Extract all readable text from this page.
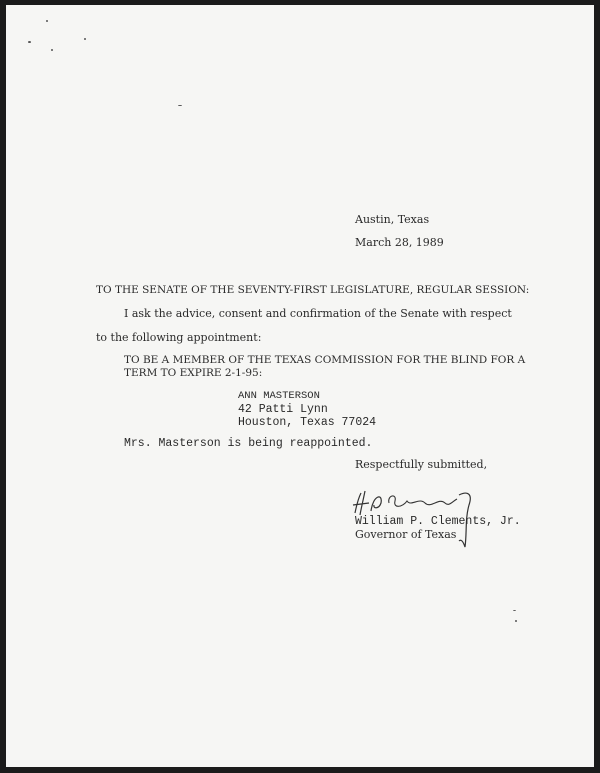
Austin, Texas
March 28, 1989
TO THE SENATE OF THE SEVENTY-FIRST LEGISLATURE, REGULAR SESSION:
I ask the advice, consent and confirmation of the Senate with respect
to the following appointment:
TO BE A MEMBER OF THE TEXAS COMMISSION FOR THE BLIND FOR A
TERM TO EXPIRE 2-1-95:
ANN MASTERSON
42 Patti Lynn
Houston, Texas 77024
Mrs. Masterson is being reappointed.
Respectfully submitted,
William P. Clements, Jr.
Governor of Texas
